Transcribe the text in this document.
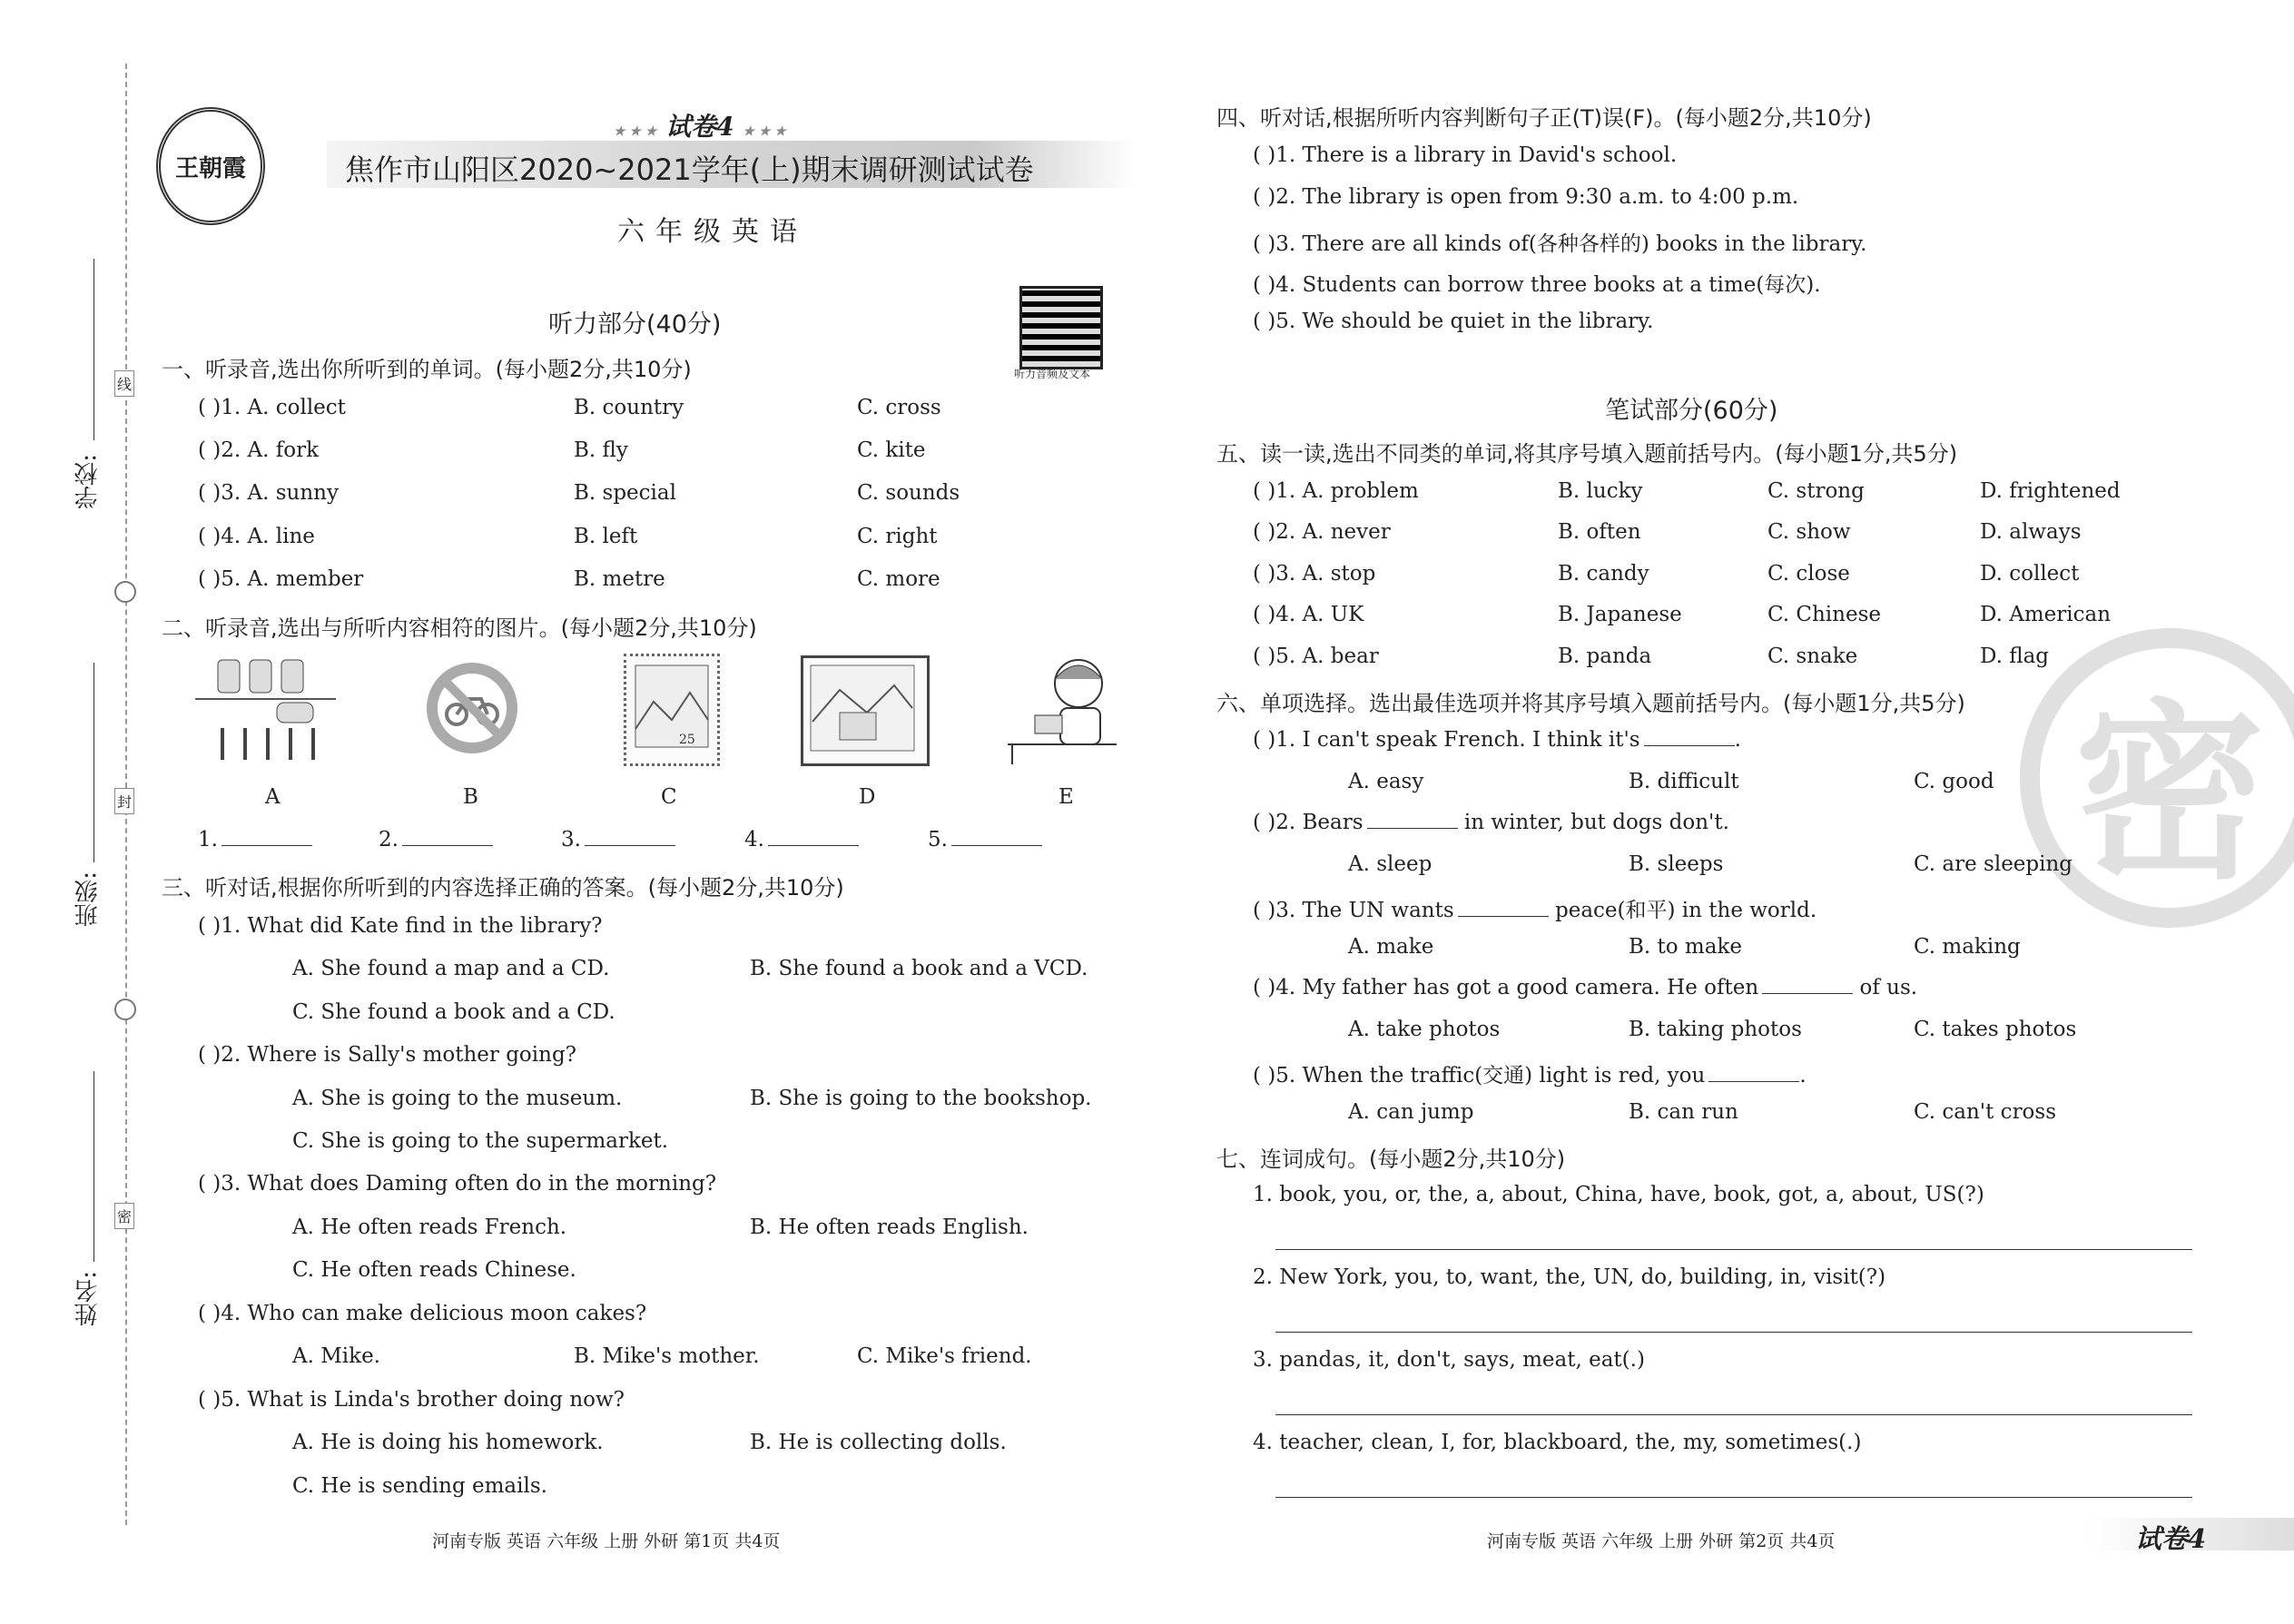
学校:
班级:
姓名:
线
封
密
王朝霞
★ ★ ★ 试卷4 ★ ★ ★
焦作市山阳区2020~2021学年(上)期末调研测试试卷
六年级英语
听力音频及文本
听力部分(40分)
一、听录音,选出你所听到的单词。(每小题2分,共10分)
( )1. A. collect	B. country	C. cross
( )2. A. fork	B. fly	C. kite
( )3. A. sunny	B. special	C. sounds
( )4. A. line	B. left	C. right
( )5. A. member	B. metre	C. more
二、听录音,选出与所听内容相符的图片。(每小题2分,共10分)
25
A	B	C	D	E
1.	2.	3.	4.	5.
三、听对话,根据你所听到的内容选择正确的答案。(每小题2分,共10分)
( )1. What did Kate find in the library?
A. She found a map and a CD.	B. She found a book and a VCD.
C. She found a book and a CD.
( )2. Where is Sally's mother going?
A. She is going to the museum.	B. She is going to the bookshop.
C. She is going to the supermarket.
( )3. What does Daming often do in the morning?
A. He often reads French.	B. He often reads English.
C. He often reads Chinese.
( )4. Who can make delicious moon cakes?
A. Mike.	B. Mike's mother.	C. Mike's friend.
( )5. What is Linda's brother doing now?
A. He is doing his homework.	B. He is collecting dolls.
C. He is sending emails.
河南专版 英语 六年级 上册 外研 第1页 共4页
四、听对话,根据所听内容判断句子正(T)误(F)。(每小题2分,共10分)
( )1. There is a library in David's school.
( )2. The library is open from 9:30 a.m. to 4:00 p.m.
( )3. There are all kinds of(各种各样的) books in the library.
( )4. Students can borrow three books at a time(每次).
( )5. We should be quiet in the library.
笔试部分(60分)
密
五、读一读,选出不同类的单词,将其序号填入题前括号内。(每小题1分,共5分)
( )1. A. problem	B. lucky	C. strong	D. frightened
( )2. A. never	B. often	C. show	D. always
( )3. A. stop	B. candy	C. close	D. collect
( )4. A. UK	B. Japanese	C. Chinese	D. American
( )5. A. bear	B. panda	C. snake	D. flag
六、单项选择。选出最佳选项并将其序号填入题前括号内。(每小题1分,共5分)
( )1. I can't speak French. I think it's	.
A. easy	B. difficult	C. good
( )2. Bears	in winter, but dogs don't.
A. sleep	B. sleeps	C. are sleeping
( )3. The UN wants	peace(和平) in the world.
A. make	B. to make	C. making
( )4. My father has got a good camera. He often	of us.
A. take photos	B. taking photos	C. takes photos
( )5. When the traffic(交通) light is red, you	.
A. can jump	B. can run	C. can't cross
七、连词成句。(每小题2分,共10分)
1. book, you, or, the, a, about, China, have, book, got, a, about, US(?)
2. New York, you, to, want, the, UN, do, building, in, visit(?)
3. pandas, it, don't, says, meat, eat(.)
4. teacher, clean, I, for, blackboard, the, my, sometimes(.)
河南专版 英语 六年级 上册 外研 第2页 共4页	试卷4
